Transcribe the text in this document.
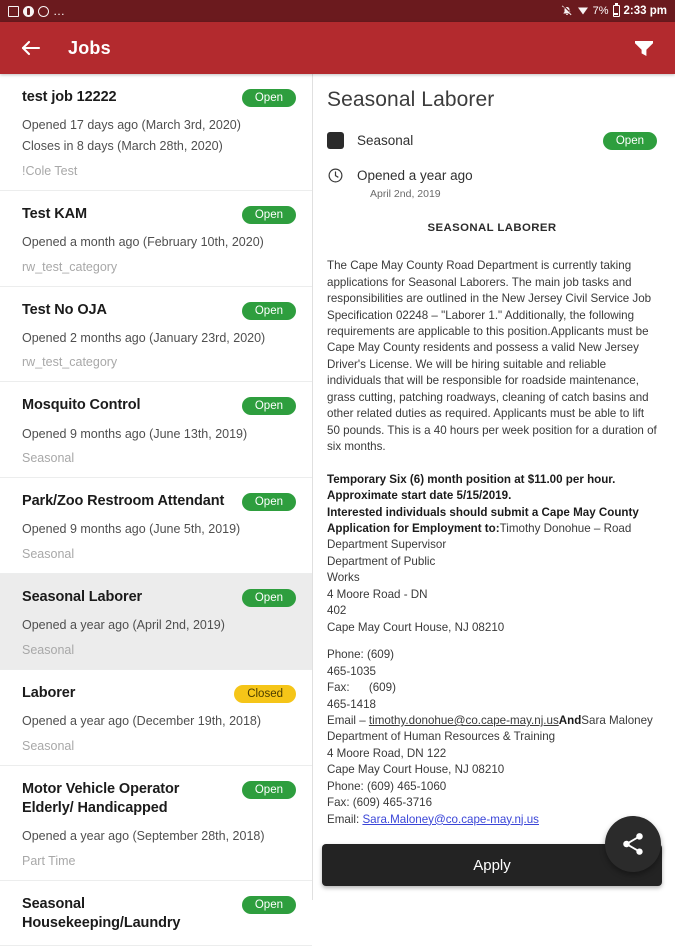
…	7% 2:33 pm
Jobs
test job 12222	Open
Opened 17 days ago (March 3rd, 2020)
Closes in 8 days (March 28th, 2020)
!Cole Test
Test KAM	Open
Opened a month ago (February 10th, 2020)
rw_test_category
Test No OJA	Open
Opened 2 months ago (January 23rd, 2020)
rw_test_category
Mosquito Control	Open
Opened 9 months ago (June 13th, 2019)
Seasonal
Park/Zoo Restroom Attendant	Open
Opened 9 months ago (June 5th, 2019)
Seasonal
Seasonal Laborer	Open
Opened a year ago (April 2nd, 2019)
Seasonal
Laborer	Closed
Opened a year ago (December 19th, 2018)
Seasonal
Motor Vehicle Operator Elderly/ Handicapped
Open
Opened a year ago (September 28th, 2018)
Part Time
Seasonal Housekeeping/Laundry
Open
Seasonal Laborer
Seasonal	Open
Opened a year ago
April 2nd, 2019
SEASONAL LABORER
The Cape May County Road Department is currently taking applications for Seasonal Laborers. The main job tasks and responsibilities are outlined in the New Jersey Civil Service Job Specification 02248 – "Laborer 1." Additionally, the following requirements are applicable to this position.Applicants must be Cape May County residents and possess a valid New Jersey Driver's License. We will be hiring suitable and reliable individuals that will be responsible for roadside maintenance, grass cutting, patching roadways, cleaning of catch basins and other related duties as required. Applicants must be able to lift 50 pounds. This is a 40 hours per week position for a duration of six months.
Temporary Six (6) month position at $11.00 per hour.
Approximate start date 5/15/2019.
Interested individuals should submit a Cape May County
Application for Employment to:Timothy Donohue – Road
Department Supervisor
Department of Public
Works
4 Moore Road - DN
402
Cape May Court House, NJ 08210
Phone: (609)
465-1035
Fax:      (609)
465-1418
Email – timothy.donohue@co.cape-may.nj.usAndSara Maloney
Department of Human Resources & Training
4 Moore Road, DN 122
Cape May Court House, NJ 08210
Phone: (609) 465-1060
Fax: (609) 465-3716
Email: Sara.Maloney@co.cape-may.nj.us
Apply
